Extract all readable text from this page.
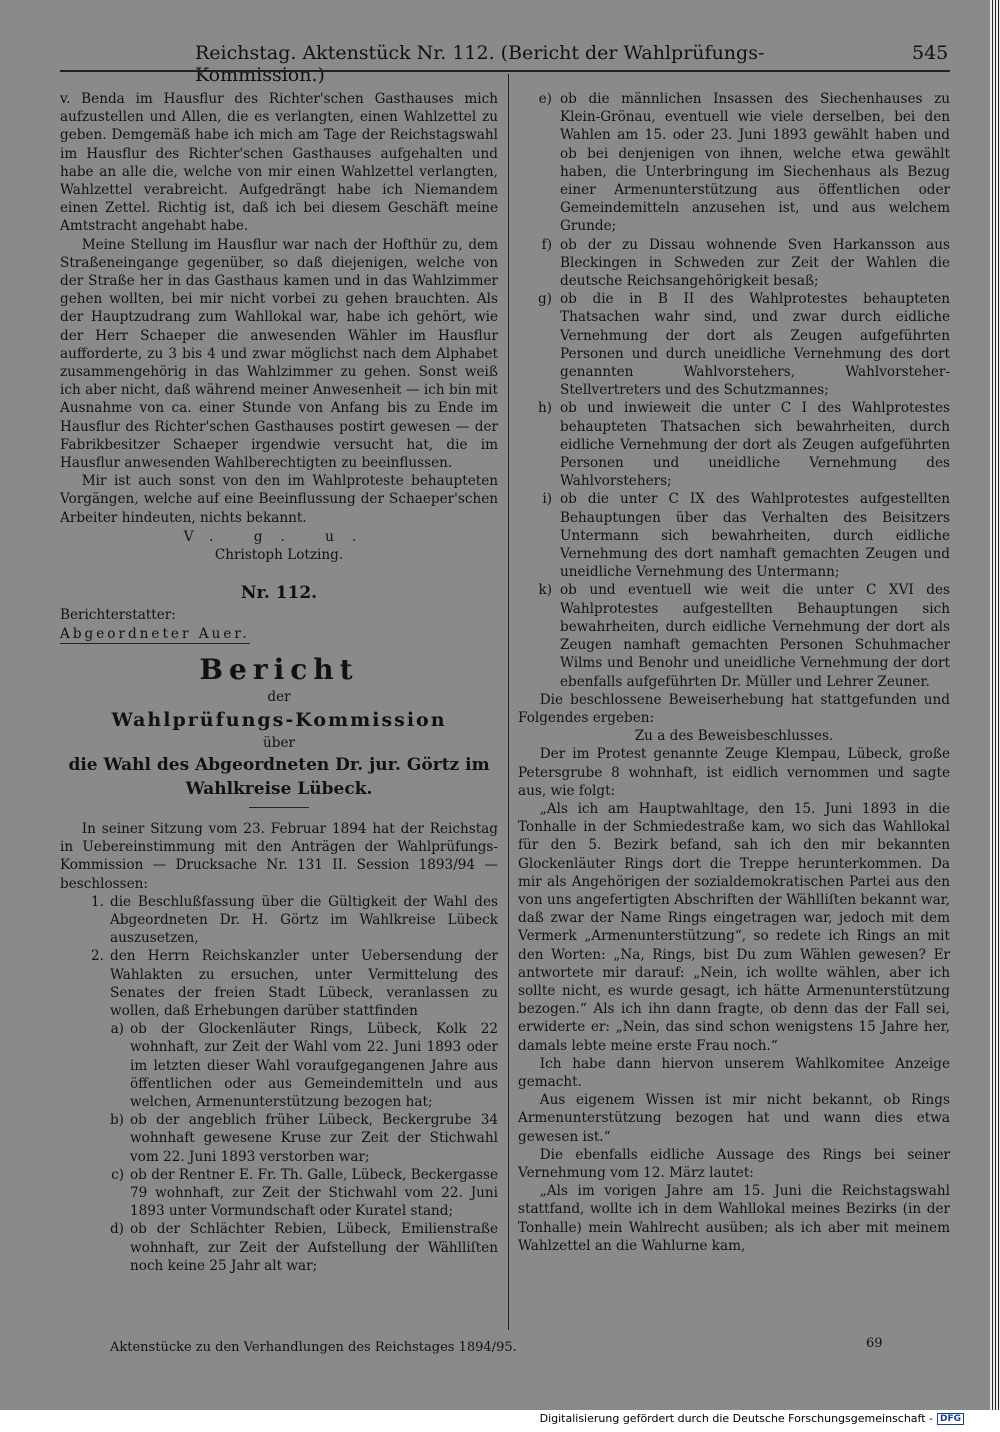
Reichstag. Aktenstück Nr. 112. (Bericht der Wahlprüfungs-Kommission.)
545

v. Benda im Hausflur des Richter'schen Gasthauses mich aufzustellen und Allen, die es verlangten, einen Wahlzettel zu geben. Demgemäß habe ich mich am Tage der Reichstagswahl im Hausflur des Richter'schen Gasthauses aufgehalten und habe an alle die, welche von mir einen Wahlzettel verlangten, Wahlzettel verabreicht. Aufgedrängt habe ich Niemandem einen Zettel. Richtig ist, daß ich bei diesem Geschäft meine Amtstracht angehabt habe.

Meine Stellung im Hausflur war nach der Hofthür zu, dem Straßeneingange gegenüber, so daß diejenigen, welche von der Straße her in das Gasthaus kamen und in das Wahlzimmer gehen wollten, bei mir nicht vorbei zu gehen brauchten. Als der Hauptzudrang zum Wahllokal war, habe ich gehört, wie der Herr Schaeper die anwesenden Wähler im Hausflur aufforderte, zu 3 bis 4 und zwar möglichst nach dem Alphabet zusammengehörig in das Wahlzimmer zu gehen. Sonst weiß ich aber nicht, daß während meiner Anwesenheit — ich bin mit Ausnahme von ca. einer Stunde von Anfang bis zu Ende im Hausflur des Richter'schen Gasthauses postirt gewesen — der Fabrikbesitzer Schaeper irgendwie versucht hat, die im Hausflur anwesenden Wahlberechtigten zu beeinflussen.

Mir ist auch sonst von den im Wahlproteste behaupteten Vorgängen, welche auf eine Beeinflussung der Schaeper'schen Arbeiter hindeuten, nichts bekannt.

V. g. u.
Christoph Lotzing.
Nr. 112.
Berichterstatter:
Abgeordneter Auer.
Bericht
der
Wahlprüfungs-Kommission
über
die Wahl des Abgeordneten Dr. jur. Görtz im Wahlkreise Lübeck.

In seiner Sitzung vom 23. Februar 1894 hat der Reichstag in Uebereinstimmung mit den Anträgen der Wahlprüfungs-Kommission — Drucksache Nr. 131 II. Session 1893/94 — beschlossen:

1. die Beschlußfassung über die Gültigkeit der Wahl des Abgeordneten Dr. H. Görtz im Wahlkreise Lübeck auszusetzen,
2. den Herrn Reichskanzler unter Uebersendung der Wahlakten zu ersuchen, unter Vermittelung des Senates der freien Stadt Lübeck, veranlassen zu wollen, daß Erhebungen darüber stattfinden
a) ob der Glockenläuter Rings, Lübeck, Kolk 22 wohnhaft, zur Zeit der Wahl vom 22. Juni 1893 oder im letzten dieser Wahl voraufgegangenen Jahre aus öffentlichen oder aus Gemeindemitteln und aus welchen, Armenunterstützung bezogen hat;
b) ob der angeblich früher Lübeck, Beckergrube 34 wohnhaft gewesene Kruse zur Zeit der Stichwahl vom 22. Juni 1893 verstorben war;
c) ob der Rentner E. Fr. Th. Galle, Lübeck, Beckergasse 79 wohnhaft, zur Zeit der Stichwahl vom 22. Juni 1893 unter Vormundschaft oder Kuratel stand;
d) ob der Schlächter Rebien, Lübeck, Emilienstraße wohnhaft, zur Zeit der Aufstellung der Wählliſten noch keine 25 Jahr alt war;
e) ob die männlichen Insassen des Siechenhauses zu Klein-Grönau, eventuell wie viele derselben, bei den Wahlen am 15. oder 23. Juni 1893 gewählt haben und ob bei denjenigen von ihnen, welche etwa gewählt haben, die Unterbringung im Siechenhaus als Bezug einer Armenunterstützung aus öffentlichen oder Gemeindemitteln anzusehen ist, und aus welchem Grunde;
f) ob der zu Dissau wohnende Sven Harkansson aus Bleckingen in Schweden zur Zeit der Wahlen die deutsche Reichsangehörigkeit besaß;
g) ob die in B II des Wahlprotestes behaupteten Thatsachen wahr sind, und zwar durch eidliche Vernehmung der dort als Zeugen aufgeführten Personen und durch uneidliche Vernehmung des dort genannten Wahlvorstehers, Wahlvorsteher-Stellvertreters und des Schutzmannes;
h) ob und inwieweit die unter C I des Wahlprotestes behaupteten Thatsachen sich bewahrheiten, durch eidliche Vernehmung der dort als Zeugen aufgeführten Personen und uneidliche Vernehmung des Wahlvorstehers;
i) ob die unter C IX des Wahlprotestes aufgestellten Behauptungen über das Verhalten des Beisitzers Untermann sich bewahrheiten, durch eidliche Vernehmung des dort namhaft gemachten Zeugen und uneidliche Vernehmung des Untermann;
k) ob und eventuell wie weit die unter C XVI des Wahlprotestes aufgestellten Behauptungen sich bewahrheiten, durch eidliche Vernehmung der dort als Zeugen namhaft gemachten Personen Schuhmacher Wilms und Benohr und uneidliche Vernehmung der dort ebenfalls aufgeführten Dr. Müller und Lehrer Zeuner.

Die beschlossene Beweiserhebung hat stattgefunden und Folgendes ergeben:

Zu a des Beweisbeschlusses.

Der im Protest genannte Zeuge Klempau, Lübeck, große Petersgrube 8 wohnhaft, ist eidlich vernommen und sagte aus, wie folgt:

„Als ich am Hauptwahltage, den 15. Juni 1893 in die Tonhalle in der Schmiedestraße kam, wo sich das Wahllokal für den 5. Bezirk befand, sah ich den mir bekannten Glockenläuter Rings dort die Treppe herunterkommen. Da mir als Angehörigen der sozialdemokratischen Partei aus den von uns angefertigten Abschriften der Wählliſten bekannt war, daß zwar der Name Rings eingetragen war, jedoch mit dem Vermerk „Armenunterstützung“, so redete ich Rings an mit den Worten: „Na, Rings, bist Du zum Wählen gewesen? Er antwortete mir darauf: „Nein, ich wollte wählen, aber ich sollte nicht, es wurde gesagt, ich hätte Armenunterstützung bezogen.“ Als ich ihn dann fragte, ob denn das der Fall sei, erwiderte er: „Nein, das sind schon wenigstens 15 Jahre her, damals lebte meine erste Frau noch.“

Ich habe dann hiervon unserem Wahlkomitee Anzeige gemacht.

Aus eigenem Wissen ist mir nicht bekannt, ob Rings Armenunterstützung bezogen hat und wann dies etwa gewesen ist.“

Die ebenfalls eidliche Aussage des Rings bei seiner Vernehmung vom 12. März lautet:

„Als im vorigen Jahre am 15. Juni die Reichstagswahl stattfand, wollte ich in dem Wahllokal meines Bezirks (in der Tonhalle) mein Wahlrecht ausüben; als ich aber mit meinem Wahlzettel an die Wahlurne kam,

Aktenstücke zu den Verhandlungen des Reichstages 1894/95.	69
Digitalisierung gefördert durch die Deutsche Forschungsgemeinschaft - DFG
